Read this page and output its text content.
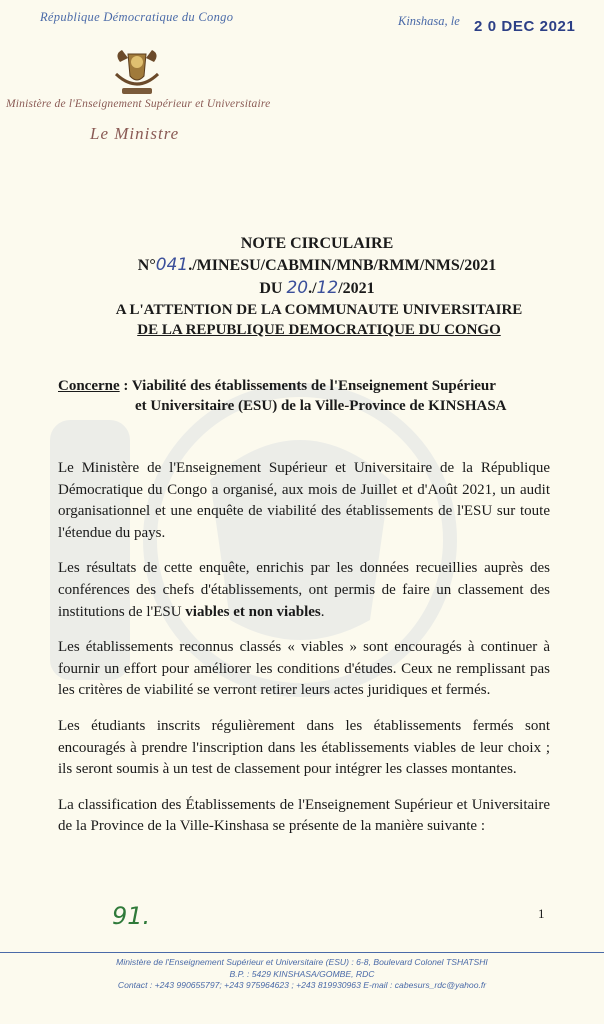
République Démocratique du Congo	Kinshasa, le 2 0 DEC 2021
Ministère de l'Enseignement Supérieur et Universitaire
Le Ministre
NOTE CIRCULAIRE
N°041./MINESU/CABMIN/MNB/RMM/NMS/2021
DU 20./12/2021
A L'ATTENTION DE LA COMMUNAUTE UNIVERSITAIRE
DE LA REPUBLIQUE DEMOCRATIQUE DU CONGO
Concerne : Viabilité des établissements de l'Enseignement Supérieur
et Universitaire (ESU) de la Ville-Province de KINSHASA

Le Ministère de l'Enseignement Supérieur et Universitaire de la République Démocratique du Congo a organisé, aux mois de Juillet et d'Août 2021, un audit organisationnel et une enquête de viabilité des établissements de l'ESU sur toute l'étendue du pays.

Les résultats de cette enquête, enrichis par les données recueillies auprès des conférences des chefs d'établissements, ont permis de faire un classement des institutions de l'ESU viables et non viables.

Les établissements reconnus classés « viables » sont encouragés à continuer à fournir un effort pour améliorer les conditions d'études. Ceux ne remplissant pas les critères de viabilité se verront retirer leurs actes juridiques et fermés.

Les étudiants inscrits régulièrement dans les établissements fermés sont encouragés à prendre l'inscription dans les établissements viables de leur choix ; ils seront soumis à un test de classement pour intégrer les classes montantes.

La classification des Établissements de l'Enseignement Supérieur et Universitaire de la Province de la Ville-Kinshasa se présente de la manière suivante :

91.	1
Ministère de l'Enseignement Supérieur et Universitaire (ESU) : 6-8, Boulevard Colonel TSHATSHI
B.P. : 5429 KINSHASA/GOMBE, RDC
Contact : +243 990655797; +243 975964623 ; +243 819930963 E-mail : cabesurs_rdc@yahoo.fr
